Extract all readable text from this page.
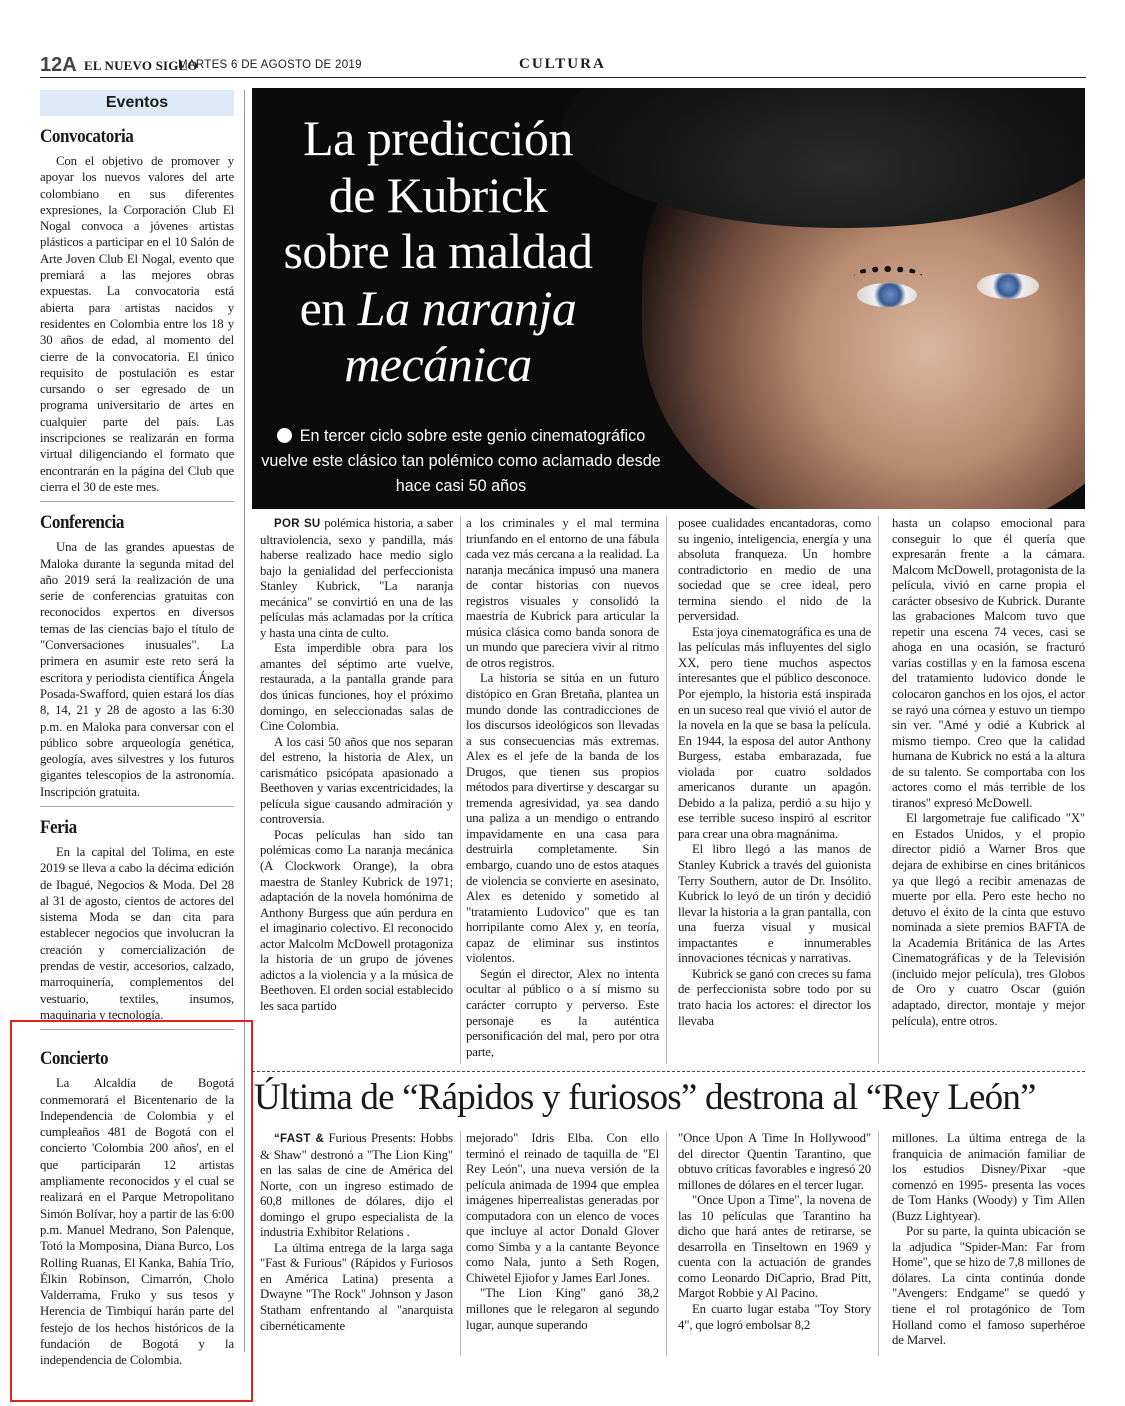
12A EL NUEVO SIGLO
MARTES 6 DE AGOSTO DE 2019	CULTURA
Eventos
Convocatoria
Con el objetivo de promover y apoyar los nuevos valores del arte colombiano en sus diferentes expresiones, la Corporación Club El Nogal convoca a jóvenes artistas plásticos a participar en el 10 Salón de Arte Joven Club El Nogal, evento que premiará a las mejores obras expuestas. La convocatoria está abierta para artistas nacidos y residentes en Colombia entre los 18 y 30 años de edad, al momento del cierre de la convocatoria. El único requisito de postulación es estar cursando o ser egresado de un programa universitario de artes en cualquier parte del país. Las inscripciones se realizarán en forma virtual diligenciando el formato que encontrarán en la página del Club que cierra el 30 de este mes.
Conferencia
Una de las grandes apuestas de Maloka durante la segunda mitad del año 2019 será la realización de una serie de conferencias gratuitas con reconocidos expertos en diversos temas de las ciencias bajo el título de "Conversaciones inusuales". La primera en asumir este reto será la escritora y periodista científica Ángela Posada-Swafford, quien estará los días 8, 14, 21 y 28 de agosto a las 6:30 p.m. en Maloka para conversar con el público sobre arqueología genética, geología, aves silvestres y los futuros gigantes telescopios de la astronomía. Inscripción gratuita.
Feria
En la capital del Tolima, en este 2019 se lleva a cabo la décima edición de Ibagué, Negocios & Moda. Del 28 al 31 de agosto, cientos de actores del sistema Moda se dan cita para establecer negocios que involucran la creación y comercialización de prendas de vestir, accesorios, calzado, marroquinería, complementos del vestuario, textiles, insumos, maquinaria y tecnología.
Concierto
La Alcaldía de Bogotá conmemorará el Bicentenario de la Independencia de Colombia y el cumpleaños 481 de Bogotá con el concierto 'Colombia 200 años', en el que participarán 12 artistas ampliamente reconocidos y el cual se realizará en el Parque Metropolitano Simón Bolívar, hoy a partir de las 6:00 p.m. Manuel Medrano, Son Palenque, Totó la Momposina, Diana Burco, Los Rolling Ruanas, El Kanka, Bahía Trío, Élkin Robinson, Cimarrón, Cholo Valderrama, Fruko y sus tesos y Herencia de Timbiquí harán parte del festejo de los hechos históricos de la fundación de Bogotá y la independencia de Colombia.
La predicción
de Kubrick
sobre la maldad
en La naranja
mecánica
En tercer ciclo sobre este genio cinematográfico vuelve este clásico tan polémico como aclamado desde hace casi 50 años

POR SU polémica historia, a saber ultraviolencia, sexo y pandilla, más haberse realizado hace medio siglo bajo la genialidad del perfeccionista Stanley Kubrick, "La naranja mecánica" se convirtió en una de las películas más aclamadas por la crítica y hasta una cinta de culto.

Esta imperdible obra para los amantes del séptimo arte vuelve, restaurada, a la pantalla grande para dos únicas funciones, hoy el próximo domingo, en seleccionadas salas de Cine Colombia.

A los casi 50 años que nos separan del estreno, la historia de Alex, un carismático psicópata apasionado a Beethoven y varias excentricidades, la película sigue causando admiración y controversia.

Pocas películas han sido tan polémicas como La naranja mecánica (A Clockwork Orange), la obra maestra de Stanley Kubrick de 1971; adaptación de la novela homónima de Anthony Burgess que aún perdura en el imaginario colectivo. El reconocido actor Malcolm McDowell protagoniza la historia de un grupo de jóvenes adictos a la violencia y a la música de Beethoven. El orden social establecido les saca partido

a los criminales y el mal termina triunfando en el entorno de una fábula cada vez más cercana a la realidad. La naranja mecánica impusó una manera de contar historias con nuevos registros visuales y consolidó la maestría de Kubrick para articular la música clásica como banda sonora de un mundo que pareciera vivir al ritmo de otros registros.

La historia se sitúa en un futuro distópico en Gran Bretaña, plantea un mundo donde las contradicciones de los discursos ideológicos son llevadas a sus consecuencias más extremas. Alex es el jefe de la banda de los Drugos, que tienen sus propios métodos para divertirse y descargar su tremenda agresividad, ya sea dando una paliza a un mendigo o entrando impavidamente en una casa para destruirla completamente. Sin embargo, cuando uno de estos ataques de violencia se convierte en asesinato, Alex es detenido y sometido al "tratamiento Ludovico" que es tan horripilante como Alex y, en teoría, capaz de eliminar sus instintos violentos.

Según el director, Alex no intenta ocultar al público o a sí mismo su carácter corrupto y perverso. Este personaje es la auténtica personificación del mal, pero por otra parte,

posee cualidades encantadoras, como su ingenio, inteligencia, energía y una absoluta franqueza. Un hombre contradictorio en medio de una sociedad que se cree ideal, pero termina siendo el nido de la perversidad.

Esta joya cinematográfica es una de las películas más influyentes del siglo XX, pero tiene muchos aspectos interesantes que el público desconoce. Por ejemplo, la historia está inspirada en un suceso real que vivió el autor de la novela en la que se basa la película. En 1944, la esposa del autor Anthony Burgess, estaba embarazada, fue violada por cuatro soldados americanos durante un apagón. Debido a la paliza, perdió a su hijo y ese terrible suceso inspiró al escritor para crear una obra magnánima.

El libro llegó a las manos de Stanley Kubrick a través del guionista Terry Southern, autor de Dr. Insólito. Kubrick lo leyó de un tirón y decidió llevar la historia a la gran pantalla, con una fuerza visual y musical impactantes e innumerables innovaciones técnicas y narrativas.

Kubrick se ganó con creces su fama de perfeccionista sobre todo por su trato hacia los actores: el director los llevaba

hasta un colapso emocional para conseguir lo que él quería que expresarán frente a la cámara. Malcom McDowell, protagonista de la película, vivió en carne propia el carácter obsesivo de Kubrick. Durante las grabaciones Malcom tuvo que repetir una escena 74 veces, casi se ahoga en una ocasión, se fracturó varias costillas y en la famosa escena del tratamiento ludovico donde le colocaron ganchos en los ojos, el actor se rayó una córnea y estuvo un tiempo sin ver. "Amé y odié a Kubrick al mismo tiempo. Creo que la calidad humana de Kubrick no está a la altura de su talento. Se comportaba con los actores como el más terrible de los tiranos" expresó McDowell.

El largometraje fue calificado "X" en Estados Unidos, y el propio director pidió a Warner Bros que dejara de exhibirse en cines británicos ya que llegó a recibir amenazas de muerte por ella. Pero este hecho no detuvo el éxito de la cinta que estuvo nominada a siete premios BAFTA de la Academia Británica de las Artes Cinematográficas y de la Televisión (incluido mejor película), tres Globos de Oro y cuatro Oscar (guión adaptado, director, montaje y mejor película), entre otros.

Última de “Rápidos y furiosos” destrona al “Rey León”

“FAST & Furious Presents: Hobbs & Shaw" destronó a "The Lion King" en las salas de cine de América del Norte, con un ingreso estimado de 60,8 millones de dólares, dijo el domingo el grupo especialista de la industria Exhibitor Relations .

La última entrega de la larga saga "Fast & Furious" (Rápidos y Furiosos en América Latina) presenta a Dwayne "The Rock" Johnson y Jason Statham enfrentando al "anarquista cibernéticamente

mejorado" Idris Elba. Con ello terminó el reinado de taquilla de "El Rey León", una nueva versión de la película animada de 1994 que emplea imágenes hiperrealistas generadas por computadora con un elenco de voces que incluye al actor Donald Glover como Simba y a la cantante Beyonce como Nala, junto a Seth Rogen, Chiwetel Ejiofor y James Earl Jones.

"The Lion King" ganó 38,2 millones que le relegaron al segundo lugar, aunque superando

"Once Upon A Time In Hollywood" del director Quentin Tarantino, que obtuvo críticas favorables e ingresó 20 millones de dólares en el tercer lugar.

"Once Upon a Time", la novena de las 10 películas que Tarantino ha dicho que hará antes de retirarse, se desarrolla en Tinseltown en 1969 y cuenta con la actuación de grandes como Leonardo DiCaprio, Brad Pitt, Margot Robbie y Al Pacino.

En cuarto lugar estaba "Toy Story 4", que logró embolsar 8,2

millones. La última entrega de la franquicia de animación familiar de los estudios Disney/Pixar -que comenzó en 1995- presenta las voces de Tom Hanks (Woody) y Tim Allen (Buzz Lightyear).

Por su parte, la quinta ubicación se la adjudica "Spider-Man: Far from Home", que se hizo de 7,8 millones de dólares. La cinta continúa donde "Avengers: Endgame" se quedó y tiene el rol protagónico de Tom Holland como el famoso superhéroe de Marvel.
